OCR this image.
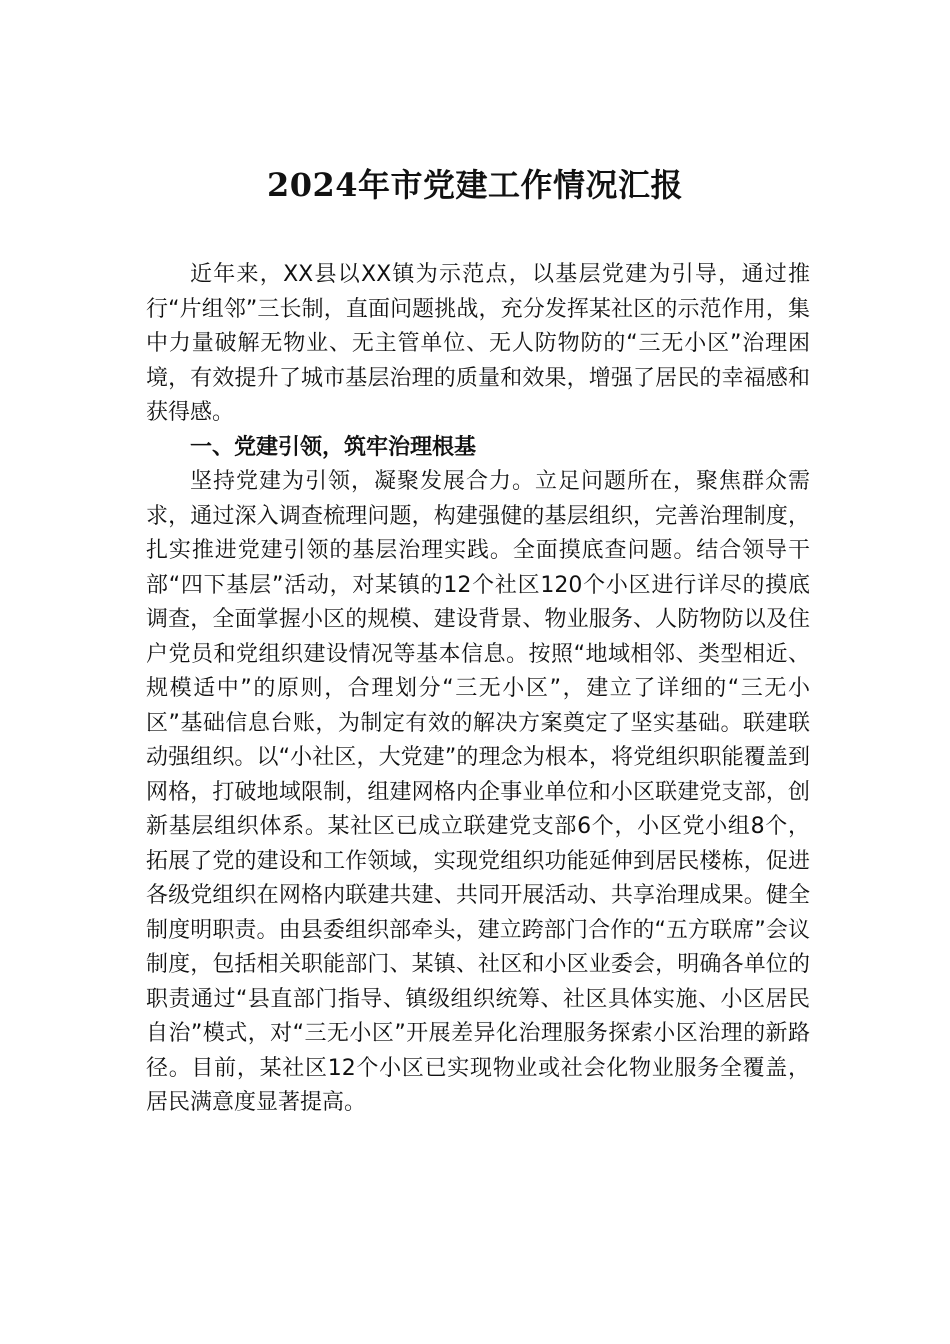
2024年市党建工作情况汇报

近年来，XX县以XX镇为示范点，以基层党建为引导，通过推行“片组邻”三长制，直面问题挑战，充分发挥某社区的示范作用，集中力量破解无物业、无主管单位、无人防物防的“三无小区”治理困境，有效提升了城市基层治理的质量和效果，增强了居民的幸福感和获得感。

一、党建引领，筑牢治理根基

坚持党建为引领，凝聚发展合力。立足问题所在，聚焦群众需求，通过深入调查梳理问题，构建强健的基层组织，完善治理制度，扎实推进党建引领的基层治理实践。全面摸底查问题。结合领导干部“四下基层”活动，对某镇的12个社区120个小区进行详尽的摸底调查，全面掌握小区的规模、建设背景、物业服务、人防物防以及住户党员和党组织建设情况等基本信息。按照“地域相邻、类型相近、规模适中”的原则，合理划分“三无小区”，建立了详细的“三无小区”基础信息台账，为制定有效的解决方案奠定了坚实基础。联建联动强组织。以“小社区，大党建”的理念为根本，将党组织职能覆盖到网格，打破地域限制，组建网格内企事业单位和小区联建党支部，创新基层组织体系。某社区已成立联建党支部6个，小区党小组8个，拓展了党的建设和工作领域，实现党组织功能延伸到居民楼栋，促进各级党组织在网格内联建共建、共同开展活动、共享治理成果。健全制度明职责。由县委组织部牵头，建立跨部门合作的“五方联席”会议制度，包括相关职能部门、某镇、社区和小区业委会，明确各单位的职责通过“县直部门指导、镇级组织统筹、社区具体实施、小区居民自治”模式，对“三无小区”开展差异化治理服务探索小区治理的新路径。目前，某社区12个小区已实现物业或社会化物业服务全覆盖，居民满意度显著提高。
